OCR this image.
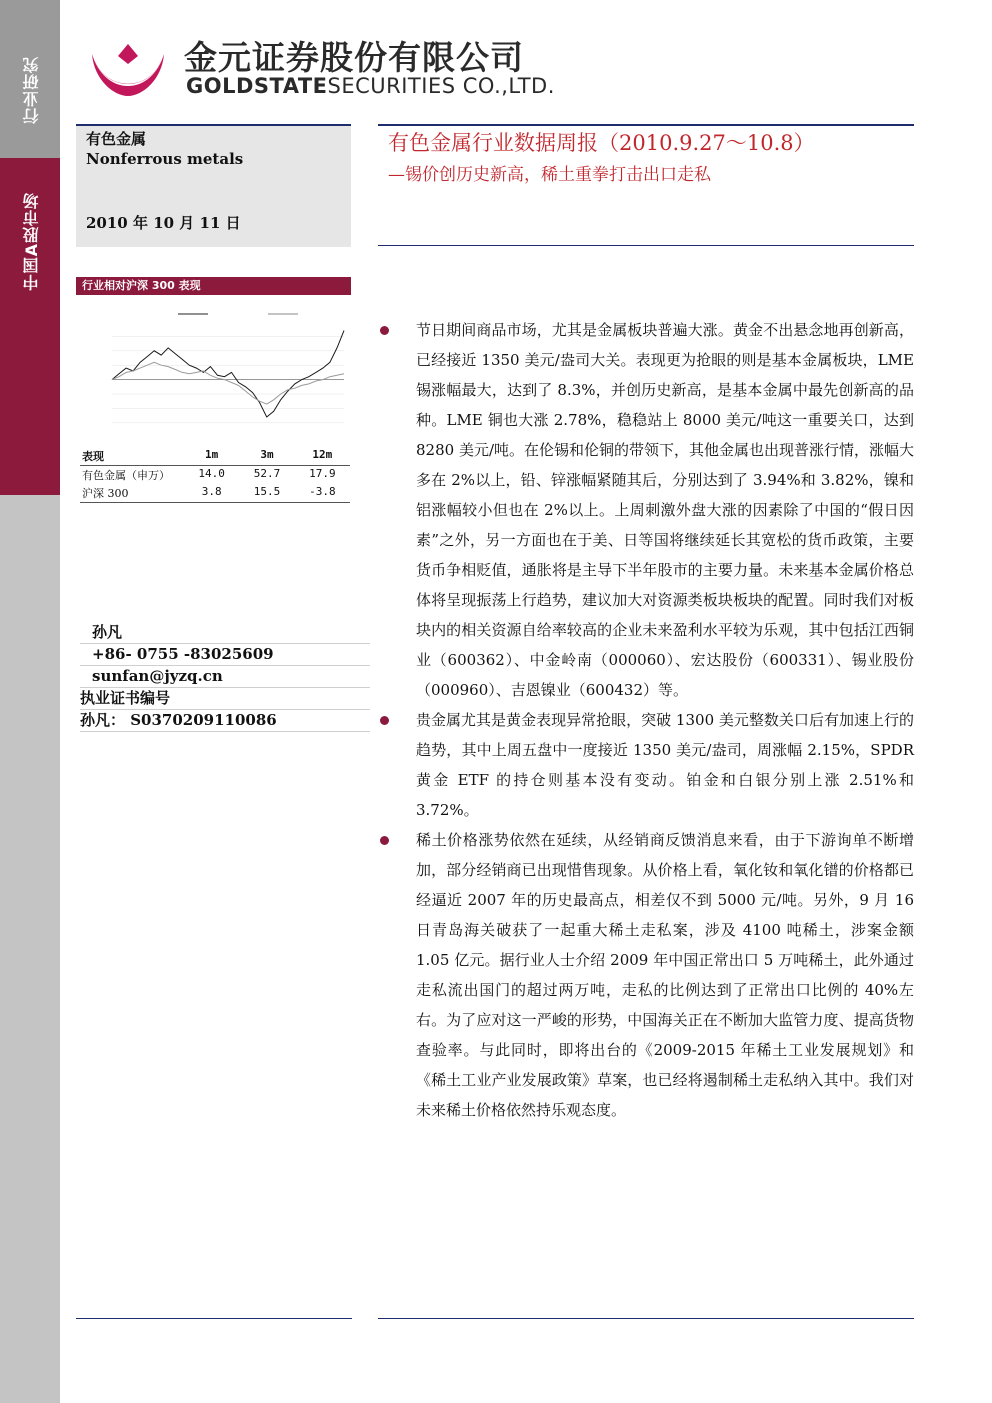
行业研究
中国A股市场
金元证券股份有限公司
GOLDSTATESECURITIES CO.,LTD.
有色金属
Nonferrous metals
2010 年 10 月 11 日
有色金属行业数据周报（2010.9.27～10.8）
—锡价创历史新高，稀土重拳打击出口走私
行业相对沪深 300 表现
表现	1m	3m	12m
有色金属（申万）	14.0	52.7	17.9
沪深 300	3.8	15.5	-3.8
孙凡
+86- 0755 -83025609
sunfan@jyzq.cn
执业证书编号
孙凡： S0370209110086
节日期间商品市场，尤其是金属板块普遍大涨。黄金不出悬念地再创新高，已经接近 1350 美元/盎司大关。表现更为抢眼的则是基本金属板块，LME 锡涨幅最大，达到了 8.3%，并创历史新高，是基本金属中最先创新高的品种。LME 铜也大涨 2.78%，稳稳站上 8000 美元/吨这一重要关口，达到 8280 美元/吨。在伦锡和伦铜的带领下，其他金属也出现普涨行情，涨幅大多在 2%以上，铅、锌涨幅紧随其后，分别达到了 3.94%和 3.82%，镍和铝涨幅较小但也在 2%以上。上周刺激外盘大涨的因素除了中国的“假日因素”之外，另一方面也在于美、日等国将继续延长其宽松的货币政策，主要货币争相贬值，通胀将是主导下半年股市的主要力量。未来基本金属价格总体将呈现振荡上行趋势，建议加大对资源类板块板块的配置。同时我们对板块内的相关资源自给率较高的企业未来盈利水平较为乐观，其中包括江西铜业（600362）、中金岭南（000060）、宏达股份（600331）、锡业股份（000960）、吉恩镍业（600432）等。
贵金属尤其是黄金表现异常抢眼，突破 1300 美元整数关口后有加速上行的趋势，其中上周五盘中一度接近 1350 美元/盎司，周涨幅 2.15%，SPDR 黄金 ETF 的持仓则基本没有变动。铂金和白银分别上涨 2.51%和 3.72%。
稀土价格涨势依然在延续，从经销商反馈消息来看，由于下游询单不断增加，部分经销商已出现惜售现象。从价格上看，氧化钕和氧化镨的价格都已经逼近 2007 年的历史最高点，相差仅不到 5000 元/吨。另外，9 月 16 日青岛海关破获了一起重大稀土走私案，涉及 4100 吨稀土，涉案金额 1.05 亿元。据行业人士介绍 2009 年中国正常出口 5 万吨稀土，此外通过走私流出国门的超过两万吨，走私的比例达到了正常出口比例的 40%左右。为了应对这一严峻的形势，中国海关正在不断加大监管力度、提高货物查验率。与此同时，即将出台的《2009-2015 年稀土工业发展规划》和《稀土工业产业发展政策》草案，也已经将遏制稀土走私纳入其中。我们对未来稀土价格依然持乐观态度。
